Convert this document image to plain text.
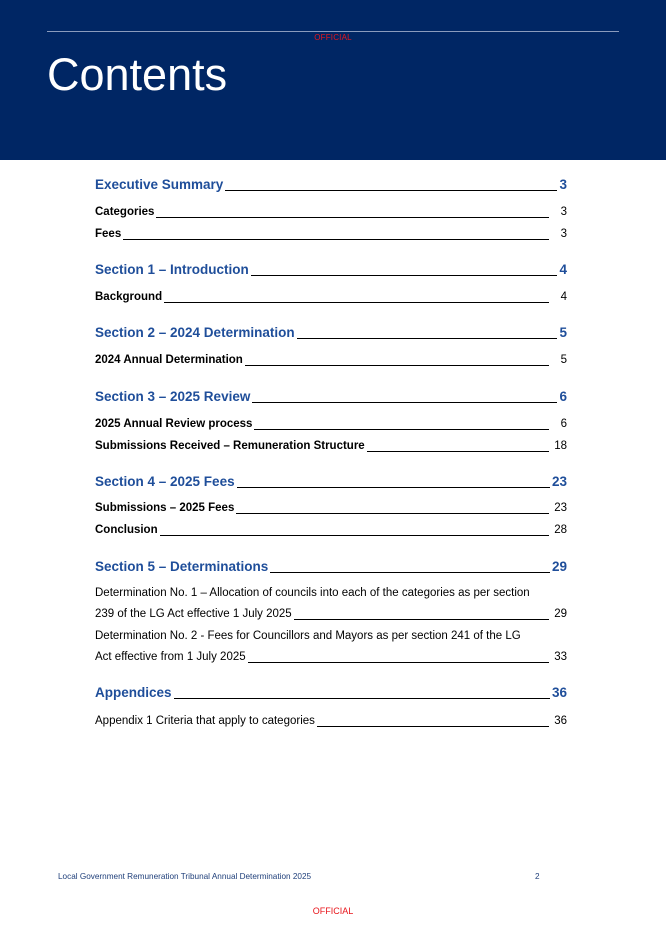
OFFICIAL
Contents
Executive Summary	3
Categories	3
Fees	3
Section 1 – Introduction	4
Background	4
Section 2 – 2024 Determination	5
2024 Annual Determination	5
Section 3 – 2025 Review	6
2025 Annual Review process	6
Submissions Received – Remuneration Structure	18
Section 4 – 2025 Fees	23
Submissions – 2025 Fees	23
Conclusion	28
Section 5 – Determinations	29
Determination No. 1 – Allocation of councils into each of the categories as per section
239 of the LG Act effective 1 July 2025	29
Determination No. 2 - Fees for Councillors and Mayors as per section 241 of the LG
Act effective from 1 July 2025	33
Appendices	36
Appendix 1 Criteria that apply to categories	36
Local Government Remuneration Tribunal Annual Determination 2025	2
OFFICIAL
